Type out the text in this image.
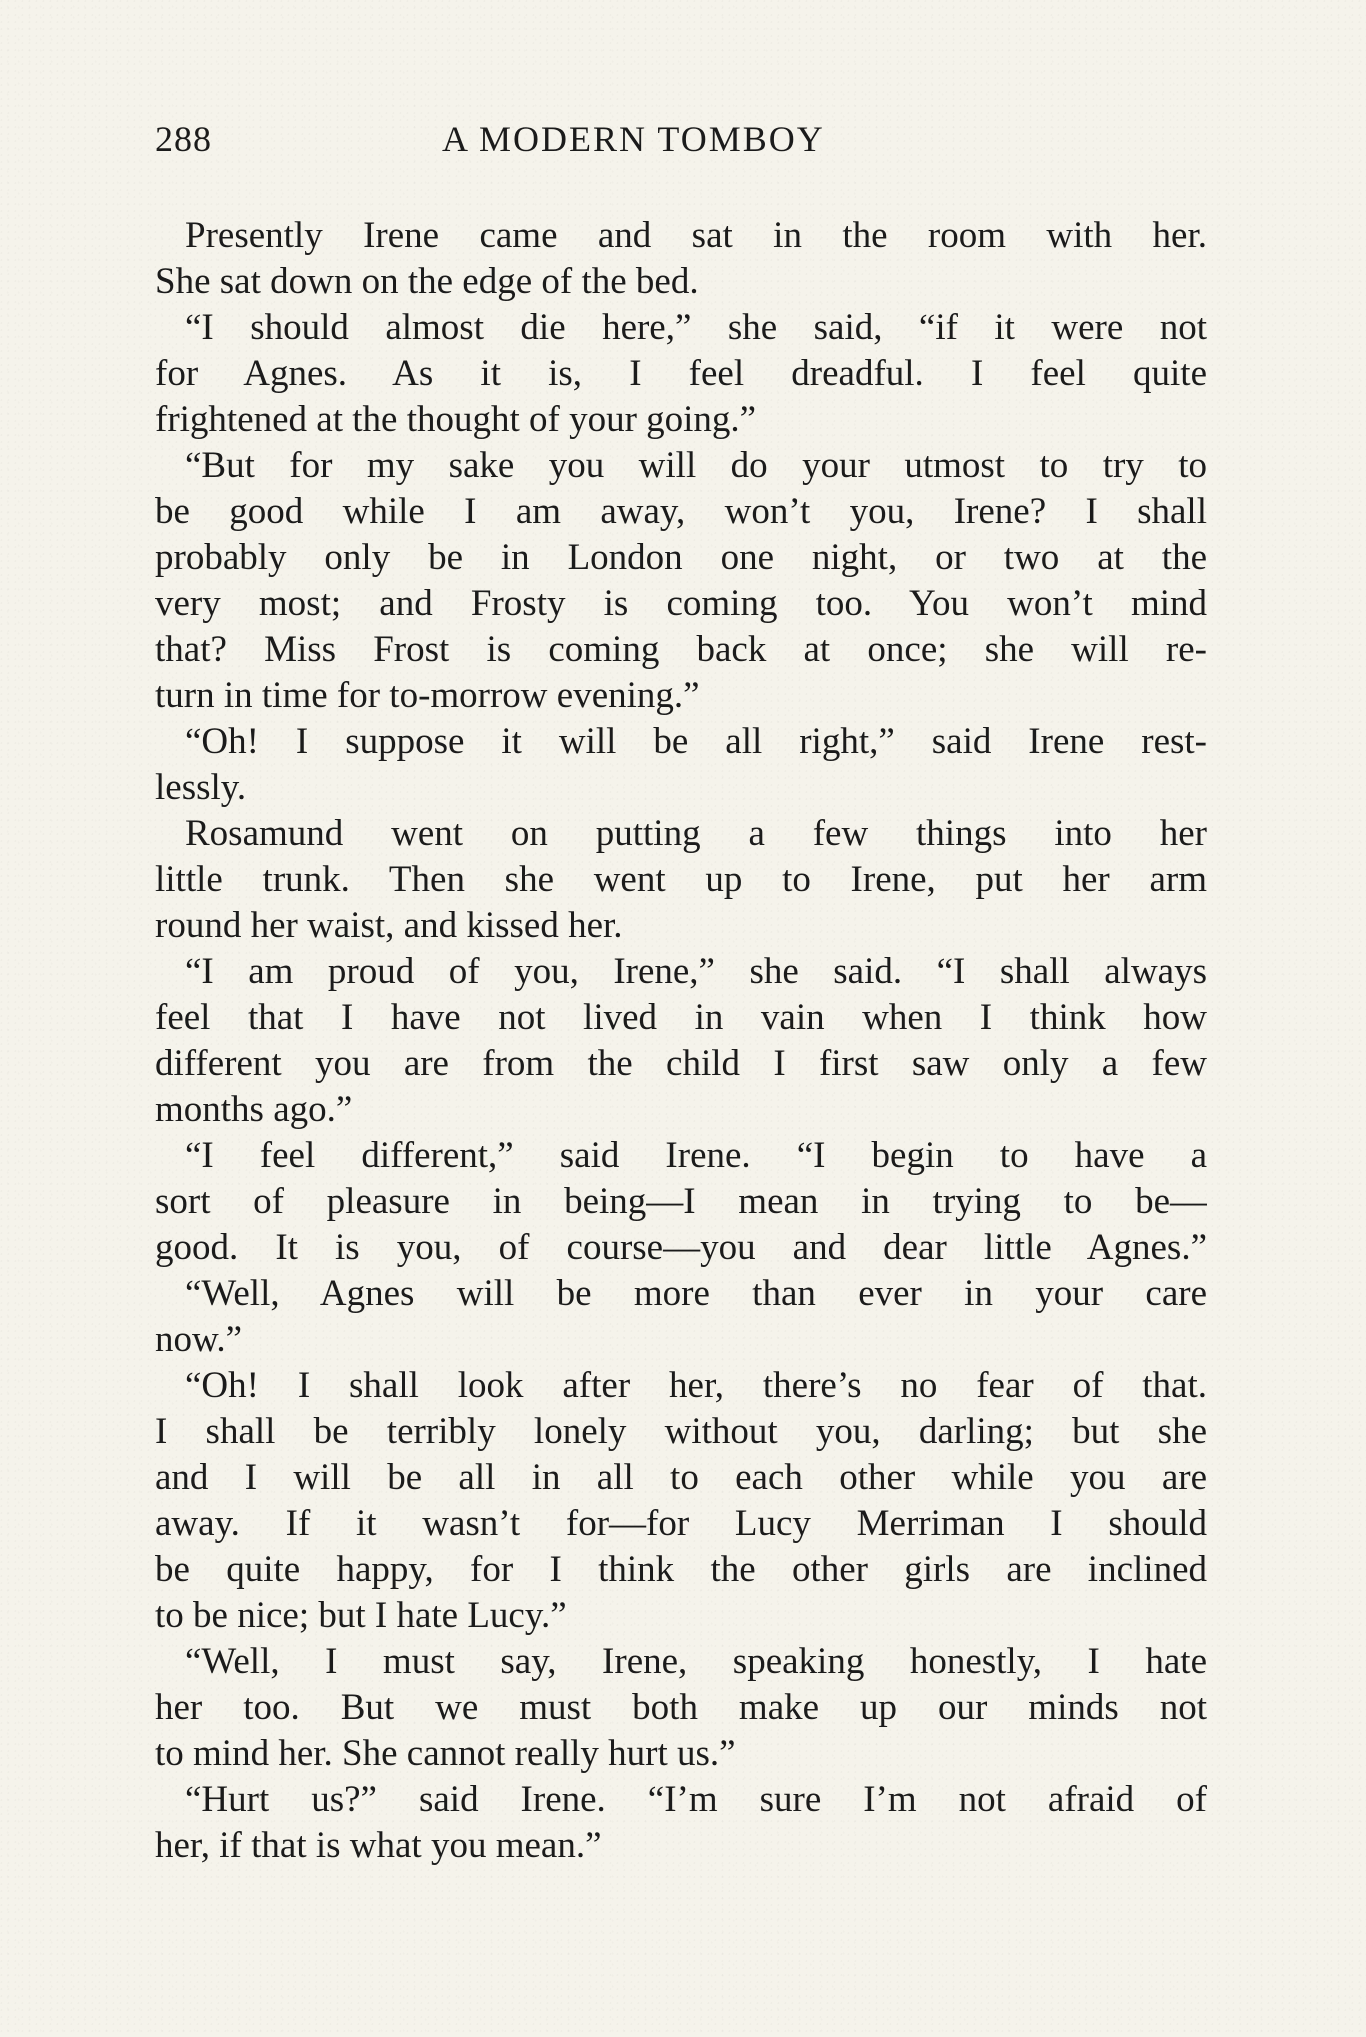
288	A MODERN TOMBOY
Presently Irene came and sat in the room with her.
She sat down on the edge of the bed.
“I should almost die here,” she said, “if it were not
for Agnes. As it is, I feel dreadful. I feel quite
frightened at the thought of your going.”
“But for my sake you will do your utmost to try to
be good while I am away, won’t you, Irene? I shall
probably only be in London one night, or two at the
very most; and Frosty is coming too. You won’t mind
that? Miss Frost is coming back at once; she will re-
turn in time for to-morrow evening.”
“Oh! I suppose it will be all right,” said Irene rest-
lessly.
Rosamund went on putting a few things into her
little trunk. Then she went up to Irene, put her arm
round her waist, and kissed her.
“I am proud of you, Irene,” she said. “I shall always
feel that I have not lived in vain when I think how
different you are from the child I first saw only a few
months ago.”
“I feel different,” said Irene. “I begin to have a
sort of pleasure in being—I mean in trying to be—
good. It is you, of course—you and dear little Agnes.”
“Well, Agnes will be more than ever in your care
now.”
“Oh! I shall look after her, there’s no fear of that.
I shall be terribly lonely without you, darling; but she
and I will be all in all to each other while you are
away. If it wasn’t for—for Lucy Merriman I should
be quite happy, for I think the other girls are inclined
to be nice; but I hate Lucy.”
“Well, I must say, Irene, speaking honestly, I hate
her too. But we must both make up our minds not
to mind her. She cannot really hurt us.”
“Hurt us?” said Irene. “I’m sure I’m not afraid of
her, if that is what you mean.”
